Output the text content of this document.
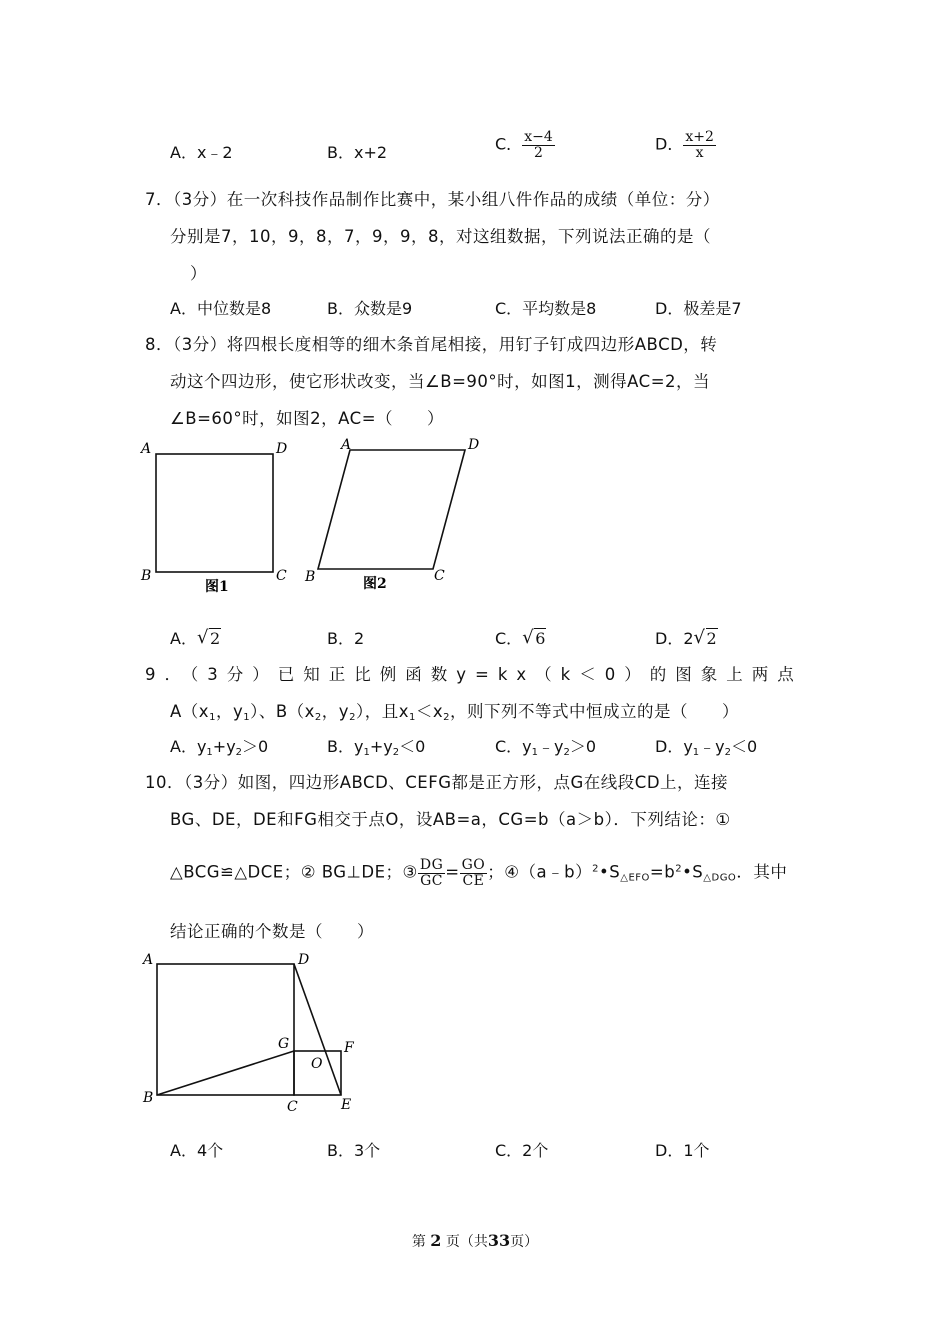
A．x﹣2	B．x+2	C． $\frac{x-4}{2}$	D． $\frac{x+2}{x}$
7．（3分）在一次科技作品制作比赛中，某小组八件作品的成绩（单位：分）
分别是7，10，9，8，7，9，9，8，对这组数据，下列说法正确的是（
）
A．中位数是8	B．众数是9	C．平均数是8	D．极差是7
8．（3分）将四根长度相等的细木条首尾相接，用钉子钉成四边形ABCD，转
动这个四边形，使它形状改变，当∠B=90°时，如图1，测得AC=2，当
∠B=60°时，如图2，AC=（　　）
A	D
B	C
图1
A	D
B	C
图2
A． √ 2	B．2	C． √ 6	D．2 √ 2
9．（3分）已知正比例函数y=kx（k＜0）的图象上两点
$A(x_1$，$y_1$）、$B(x_2$，$y_2$），且$x_1<x_2$，则下列不等式中恒成立的是（　　）
A．$y_1+y_2>0$	B．$y_1+y_2<0$	C．$y_1﹣y_2>0$	D．$y_1﹣y_2<0$
10．（3分）如图，四边形ABCD、CEFG都是正方形，点G在线段CD上，连接
BG、DE，DE和FG相交于点O，设AB=a，CG=b（a＞b）．下列结论：①
△BCG≌△DCE；② BG⊥DE；③ $\frac{DG}{GC} = \frac{GO}{CE}$ ；$④(a﹣b)^2•S_{\triangle EFO}=b^2•S_{\triangle DGO}$．其中
结论正确的个数是（　　）
A	D
B
C	E
F
G
O
A．4个	B．3个	C．2个	D．1个
第 2 页（共33页）
